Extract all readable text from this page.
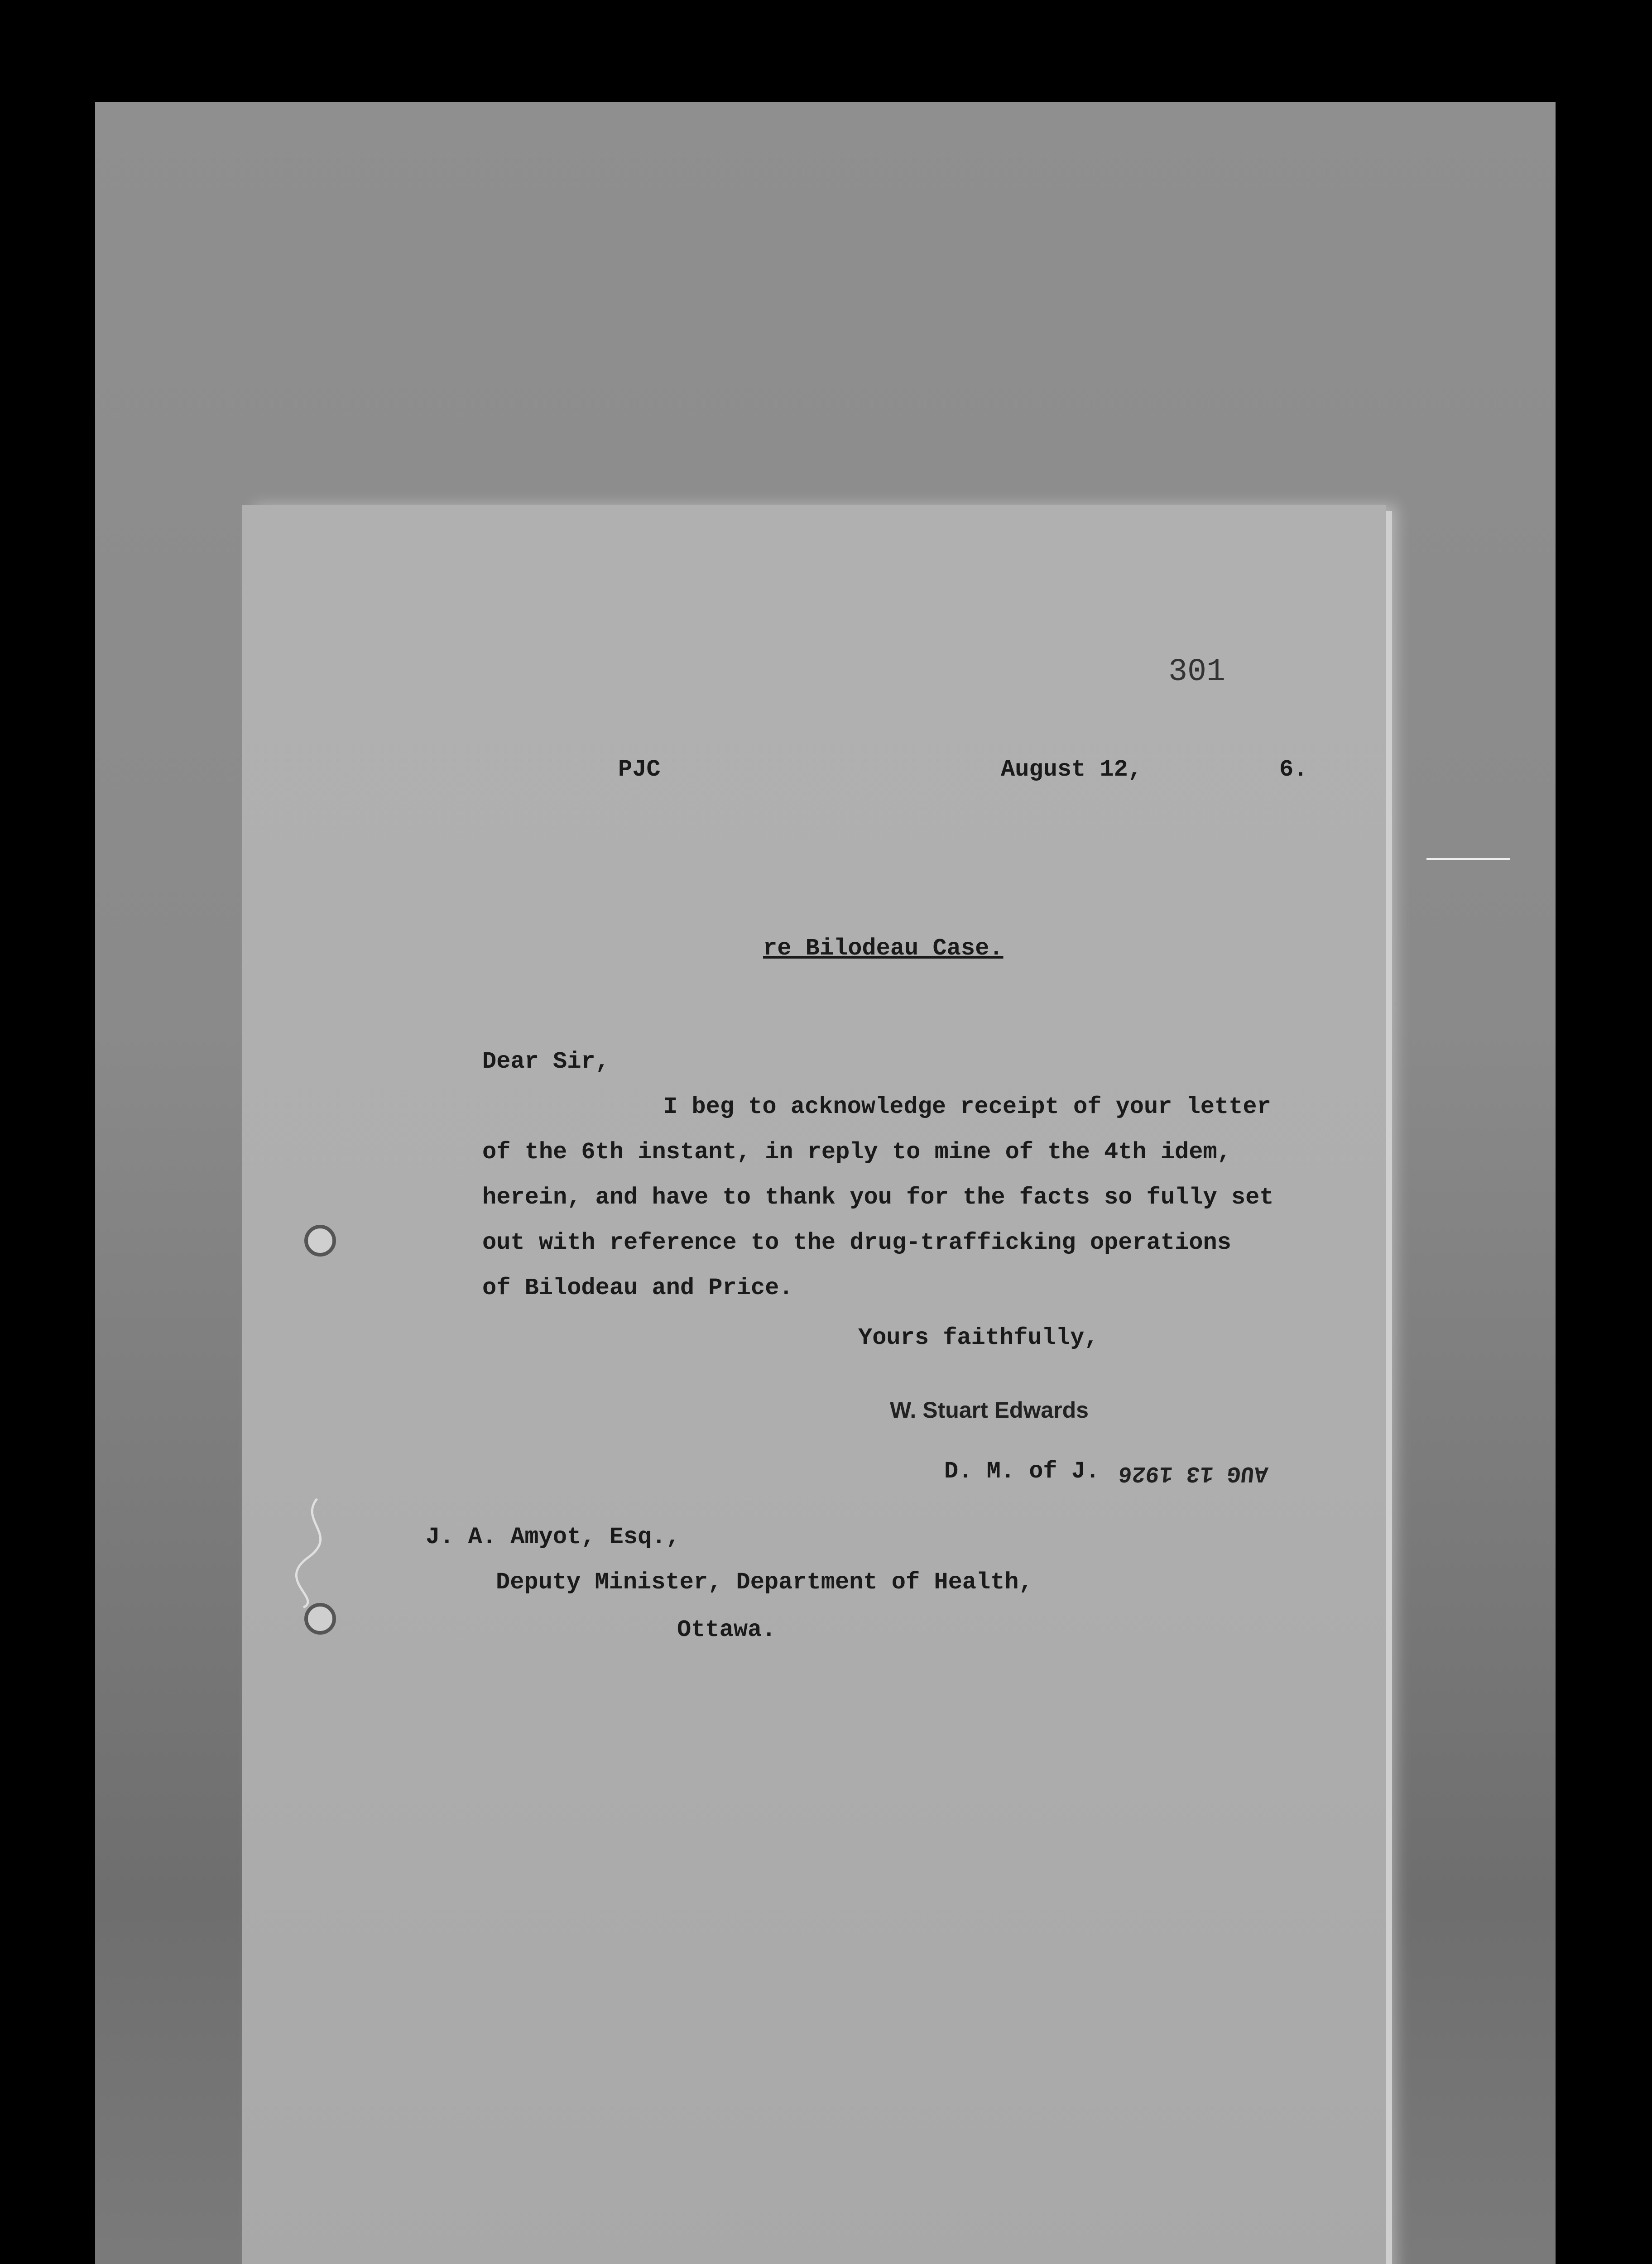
301
PJC	August 12,	6.
re Bilodeau Case.
Dear Sir,
I beg to acknowledge receipt of your letter
of the 6th instant, in reply to mine of the 4th idem,
herein, and have to thank you for the facts so fully set
out with reference to the drug-trafficking operations
of Bilodeau and Price.
Yours faithfully,
W. Stuart Edwards
D. M. of J. AUG 13 1926
J. A. Amyot, Esq.,
Deputy Minister, Department of Health,
Ottawa.
